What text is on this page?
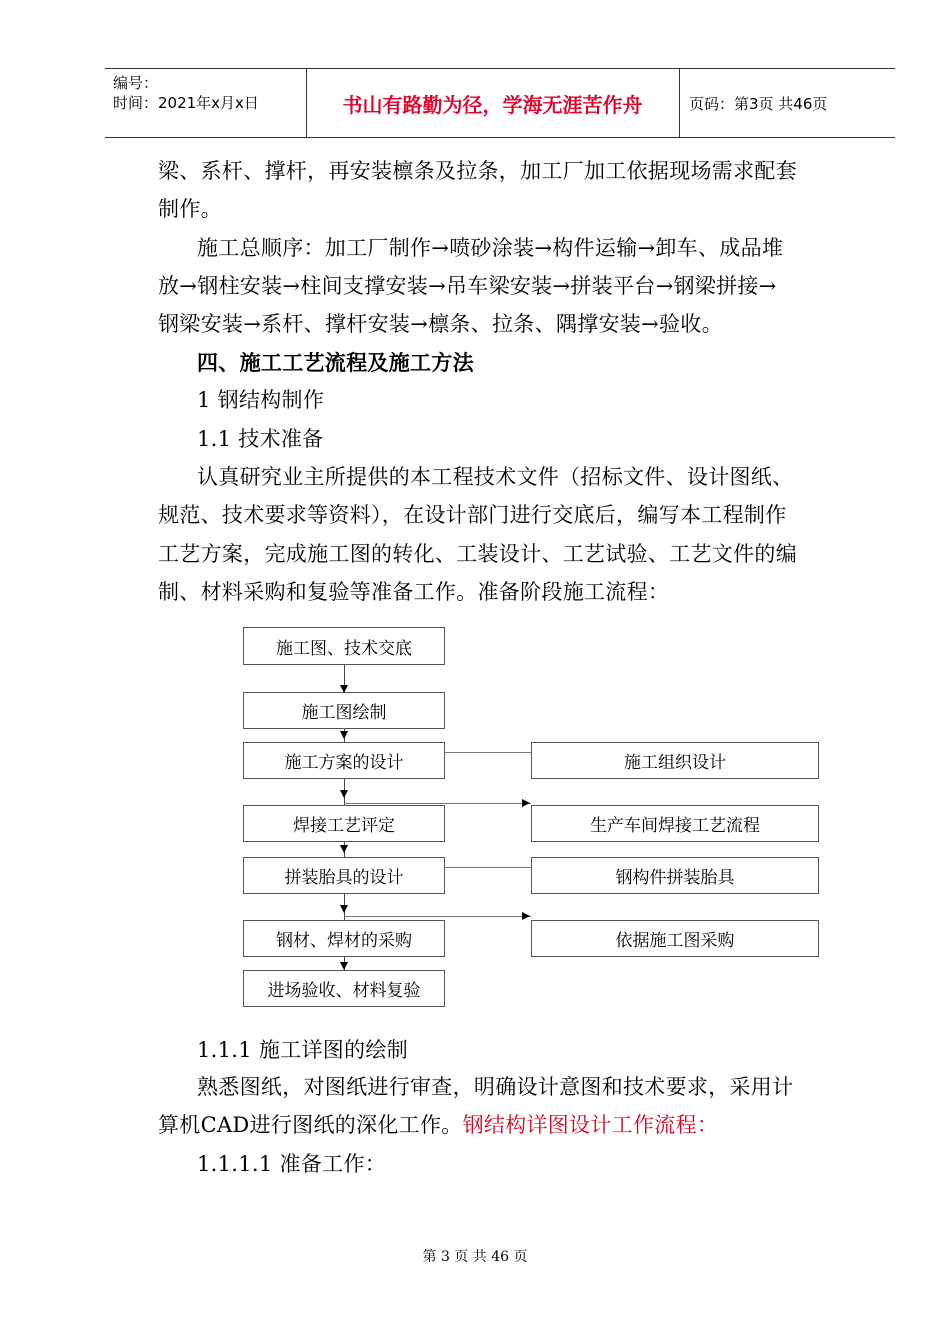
编号：
时间：2021年x月x日	书山有路勤为径，学海无涯苦作舟	页码：第3页 共46页
梁、系杆、撑杆，再安装檩条及拉条，加工厂加工依据现场需求配套
制作。
施工总顺序：加工厂制作→喷砂涂装→构件运输→卸车、成品堆
放→钢柱安装→柱间支撑安装→吊车梁安装→拼装平台→钢梁拼接→
钢梁安装→系杆、撑杆安装→檩条、拉条、隅撑安装→验收。
四、施工工艺流程及施工方法
1 钢结构制作
1.1 技术准备
认真研究业主所提供的本工程技术文件（招标文件、设计图纸、
规范、技术要求等资料），在设计部门进行交底后，编写本工程制作
工艺方案，完成施工图的转化、工装设计、工艺试验、工艺文件的编
制、材料采购和复验等准备工作。准备阶段施工流程：
施工图、技术交底
施工图绘制
施工方案的设计
焊接工艺评定
拼装胎具的设计
钢材、焊材的采购
进场验收、材料复验
施工组织设计
生产车间焊接工艺流程
钢构件拼装胎具
依据施工图采购
1.1.1 施工详图的绘制
熟悉图纸，对图纸进行审查，明确设计意图和技术要求，采用计
算机CAD进行图纸的深化工作。钢结构详图设计工作流程：
1.1.1.1 准备工作：
第 3 页 共 46 页
